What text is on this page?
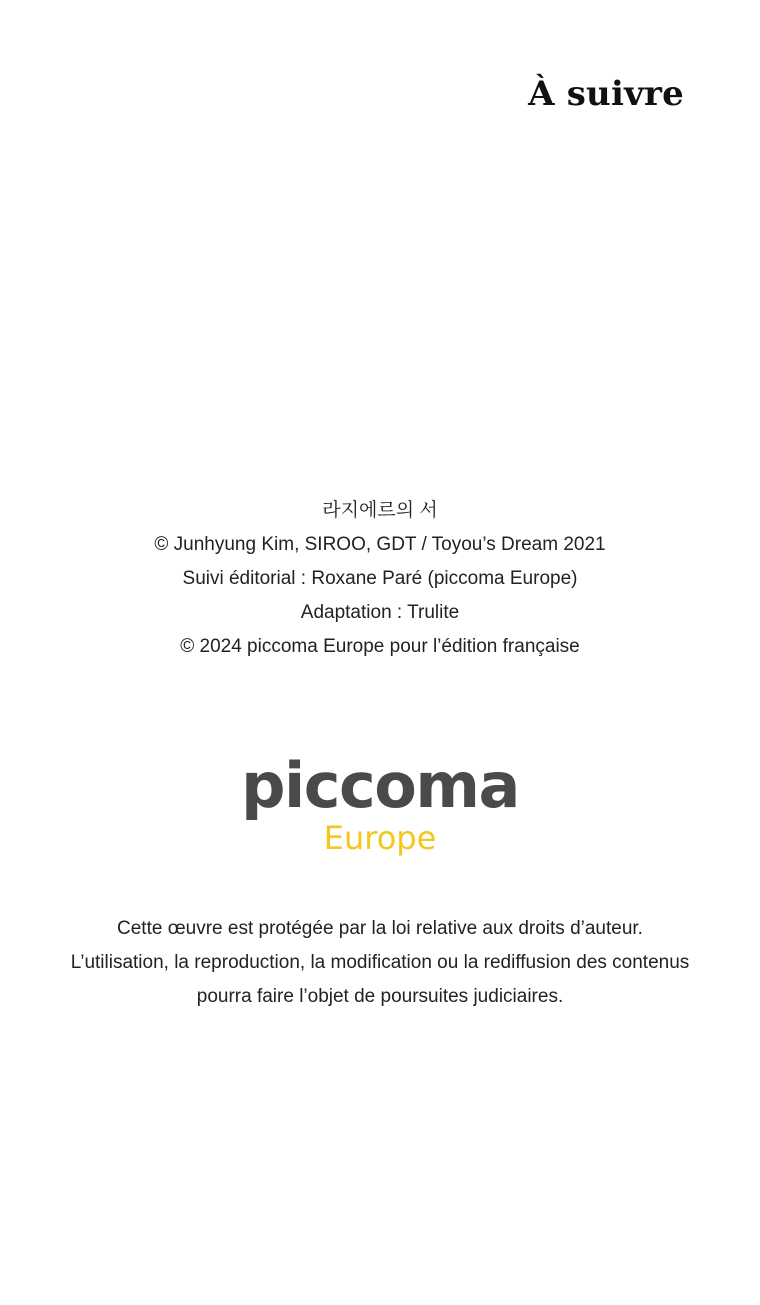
À suivre
라지에르의 서
© Junhyung Kim, SIROO, GDT / Toyou’s Dream 2021
Suivi éditorial : Roxane Paré (piccoma Europe)
Adaptation : Trulite
© 2024 piccoma Europe pour l’édition française
piccoma
Europe
Cette œuvre est protégée par la loi relative aux droits d’auteur.
L’utilisation, la reproduction, la modification ou la rediffusion des contenus
pourra faire l’objet de poursuites judiciaires.
